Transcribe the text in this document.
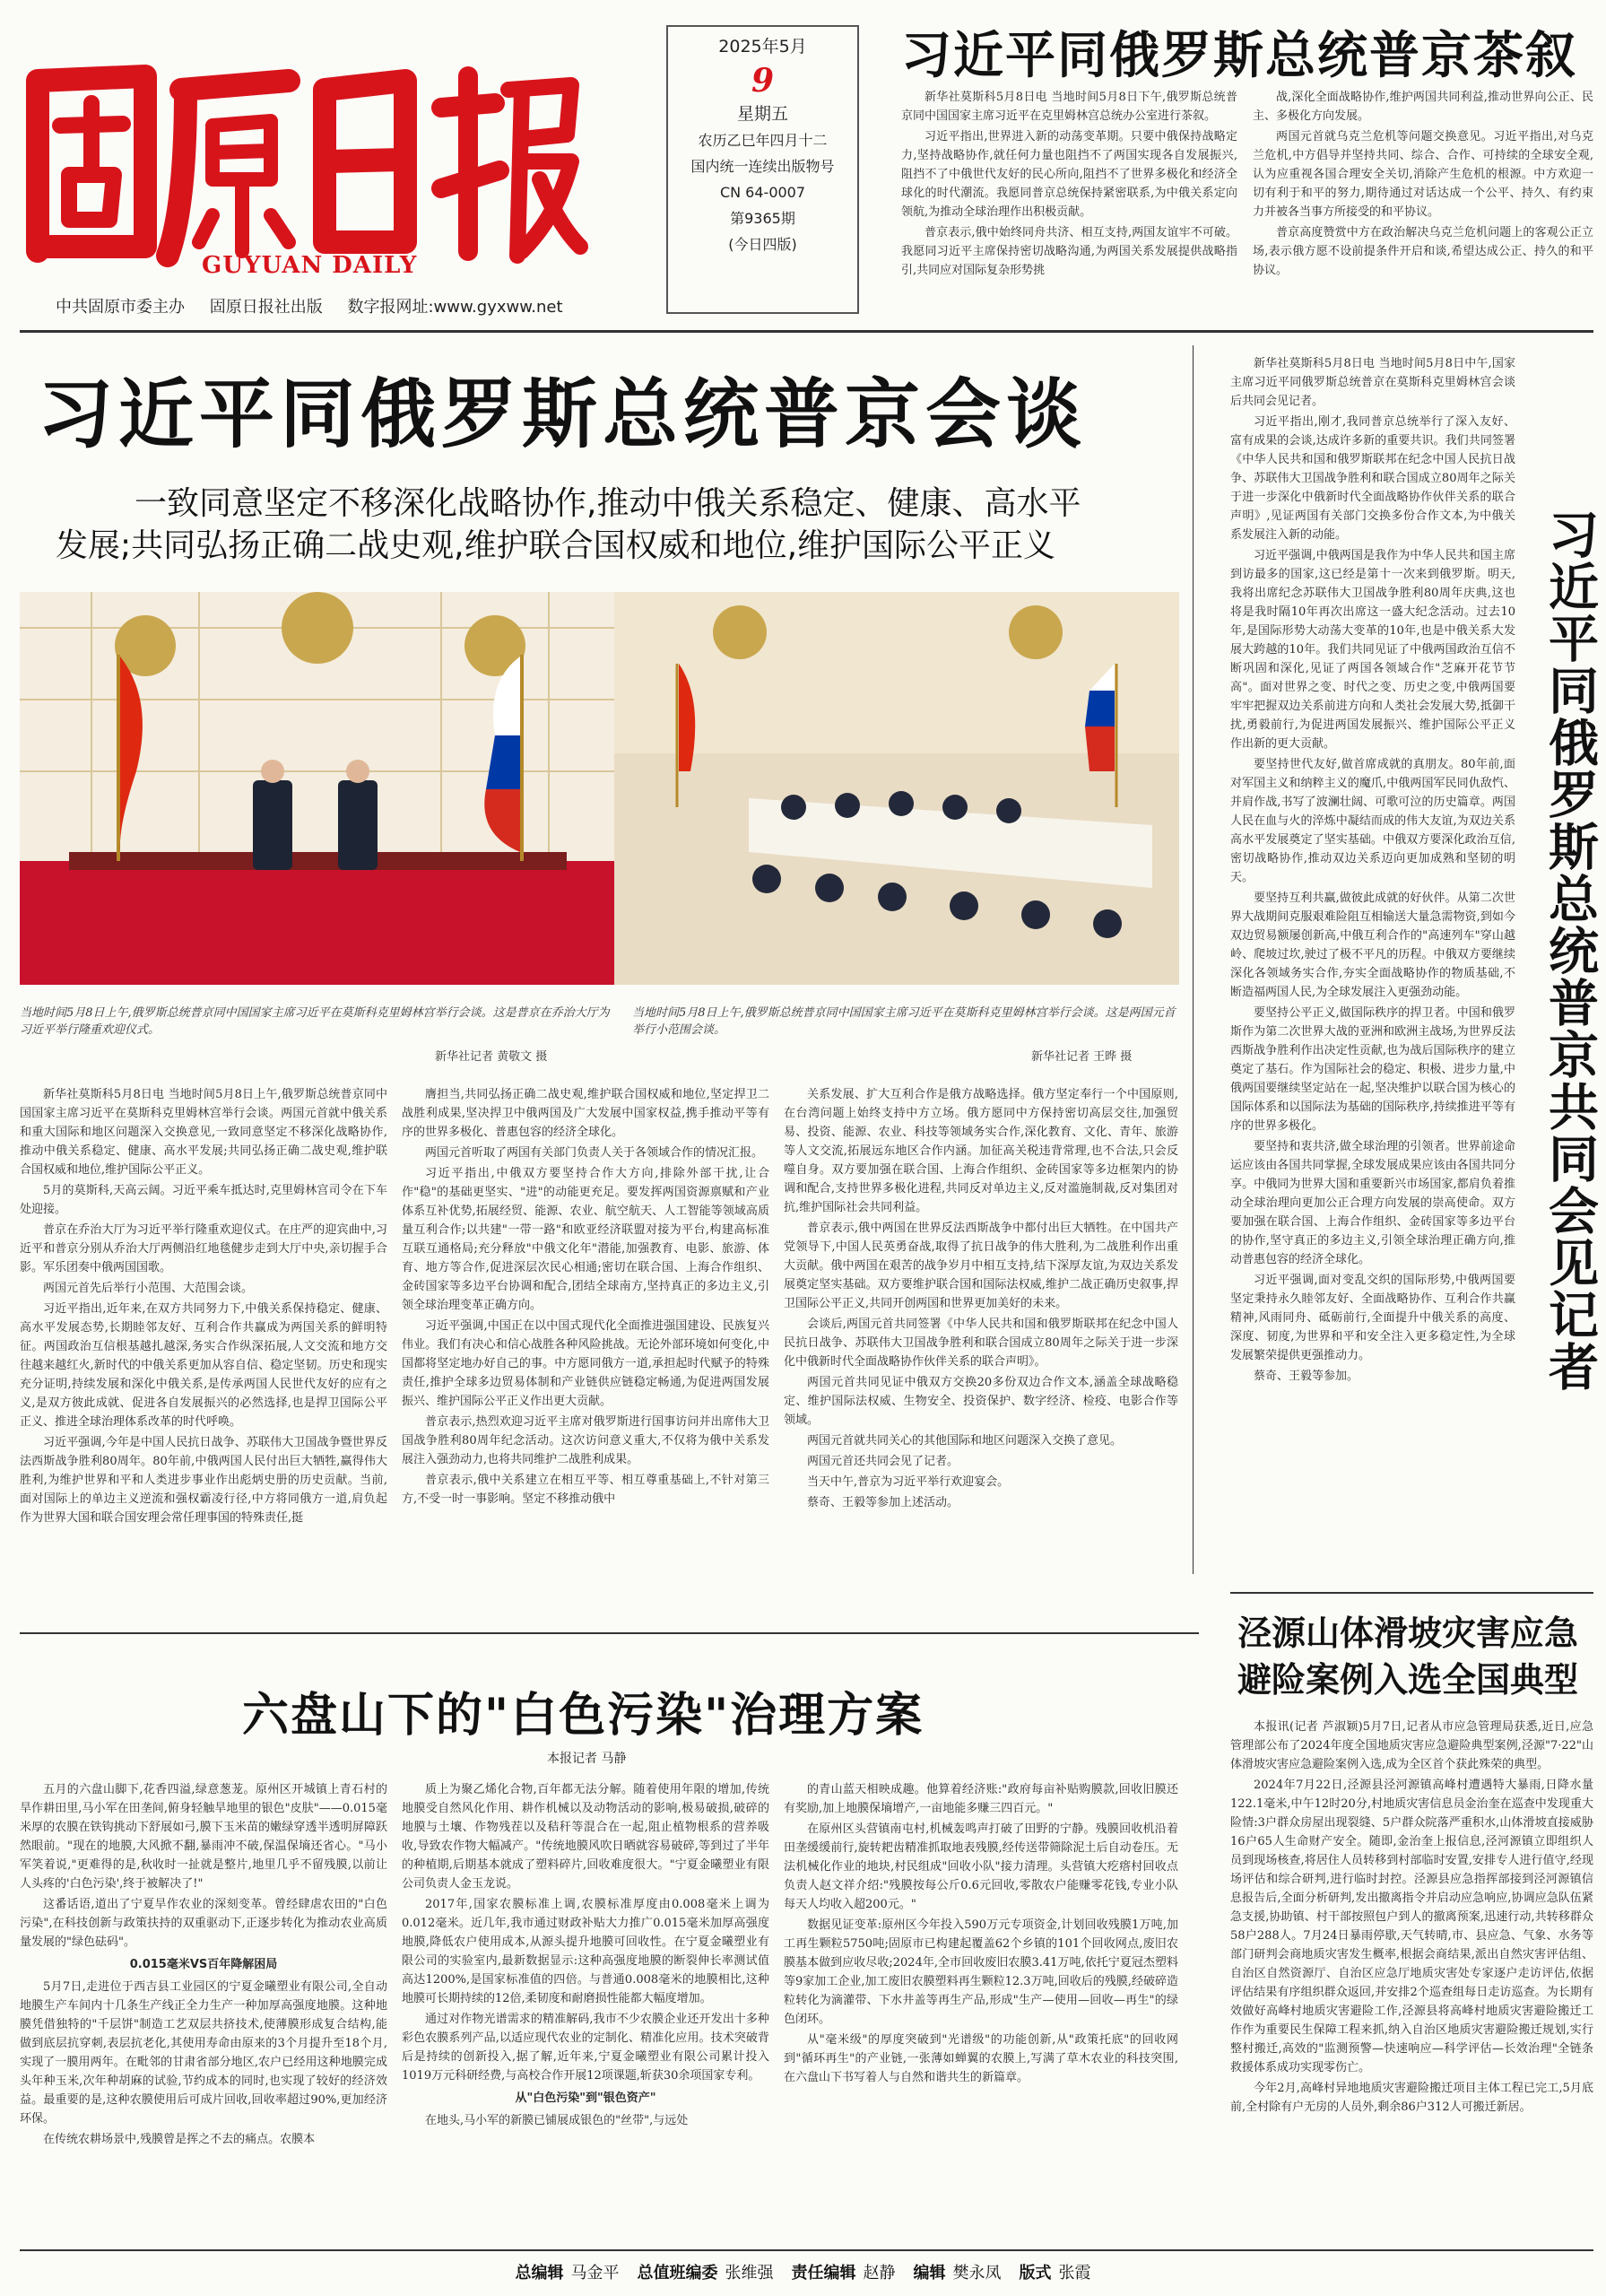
GUYUAN DAILY
中共固原市委主办 固原日报社出版 数字报网址:www.gyxww.net
2025年5月
9
星期五
农历乙巳年四月十二
国内统一连续出版物号
CN 64-0007
第9365期
(今日四版)
习近平同俄罗斯总统普京茶叙

新华社莫斯科5月8日电 当地时间5月8日下午,俄罗斯总统普京同中国国家主席习近平在克里姆林宫总统办公室进行茶叙。

习近平指出,世界进入新的动荡变革期。只要中俄保持战略定力,坚持战略协作,就任何力量也阻挡不了两国实现各自发展振兴,阻挡不了中俄世代友好的民心所向,阻挡不了世界多极化和经济全球化的时代潮流。我愿同普京总统保持紧密联系,为中俄关系定向领航,为推动全球治理作出积极贡献。

普京表示,俄中始终同舟共济、相互支持,两国友谊牢不可破。我愿同习近平主席保持密切战略沟通,为两国关系发展提供战略指引,共同应对国际复杂形势挑

战,深化全面战略协作,维护两国共同利益,推动世界向公正、民主、多极化方向发展。

两国元首就乌克兰危机等问题交换意见。习近平指出,对乌克兰危机,中方倡导并坚持共同、综合、合作、可持续的全球安全观,认为应重视各国合理安全关切,消除产生危机的根源。中方欢迎一切有利于和平的努力,期待通过对话达成一个公平、持久、有约束力并被各当事方所接受的和平协议。

普京高度赞赏中方在政治解决乌克兰危机问题上的客观公正立场,表示俄方愿不设前提条件开启和谈,希望达成公正、持久的和平协议。

习近平同俄罗斯总统普京会谈
一致同意坚定不移深化战略协作,推动中俄关系稳定、健康、高水平
发展;共同弘扬正确二战史观,维护联合国权威和地位,维护国际公平正义
当地时间5月8日上午,俄罗斯总统普京同中国国家主席习近平在莫斯科克里姆林宫举行会谈。这是普京在乔治大厅为习近平举行隆重欢迎仪式。
新华社记者 黄敬文 摄
当地时间5月8日上午,俄罗斯总统普京同中国国家主席习近平在莫斯科克里姆林宫举行会谈。这是两国元首举行小范围会谈。
新华社记者 王晔 摄

新华社莫斯科5月8日电 当地时间5月8日上午,俄罗斯总统普京同中国国家主席习近平在莫斯科克里姆林宫举行会谈。两国元首就中俄关系和重大国际和地区问题深入交换意见,一致同意坚定不移深化战略协作,推动中俄关系稳定、健康、高水平发展;共同弘扬正确二战史观,维护联合国权威和地位,维护国际公平正义。

5月的莫斯科,天高云阔。习近平乘车抵达时,克里姆林宫司令在下车处迎接。

普京在乔治大厅为习近平举行隆重欢迎仪式。在庄严的迎宾曲中,习近平和普京分别从乔治大厅两侧沿红地毯健步走到大厅中央,亲切握手合影。军乐团奏中俄两国国歌。

两国元首先后举行小范围、大范围会谈。

习近平指出,近年来,在双方共同努力下,中俄关系保持稳定、健康、高水平发展态势,长期睦邻友好、互利合作共赢成为两国关系的鲜明特征。两国政治互信根基越扎越深,务实合作纵深拓展,人文交流和地方交往越来越红火,新时代的中俄关系更加从容自信、稳定坚韧。历史和现实充分证明,持续发展和深化中俄关系,是传承两国人民世代友好的应有之义,是双方彼此成就、促进各自发展振兴的必然选择,也是捍卫国际公平正义、推进全球治理体系改革的时代呼唤。

习近平强调,今年是中国人民抗日战争、苏联伟大卫国战争暨世界反法西斯战争胜利80周年。80年前,中俄两国人民付出巨大牺牲,赢得伟大胜利,为维护世界和平和人类进步事业作出彪炳史册的历史贡献。当前,面对国际上的单边主义逆流和强权霸凌行径,中方将同俄方一道,肩负起作为世界大国和联合国安理会常任理事国的特殊责任,挺

膺担当,共同弘扬正确二战史观,维护联合国权威和地位,坚定捍卫二战胜利成果,坚决捍卫中俄两国及广大发展中国家权益,携手推动平等有序的世界多极化、普惠包容的经济全球化。

两国元首听取了两国有关部门负责人关于各领域合作的情况汇报。

习近平指出,中俄双方要坚持合作大方向,排除外部干扰,让合作"稳"的基础更坚实、"进"的动能更充足。要发挥两国资源禀赋和产业体系互补优势,拓展经贸、能源、农业、航空航天、人工智能等领域高质量互利合作;以共建"一带一路"和欧亚经济联盟对接为平台,构建高标准互联互通格局;充分释放"中俄文化年"潜能,加强教育、电影、旅游、体育、地方等合作,促进深层次民心相通;密切在联合国、上海合作组织、金砖国家等多边平台协调和配合,团结全球南方,坚持真正的多边主义,引领全球治理变革正确方向。

习近平强调,中国正在以中国式现代化全面推进强国建设、民族复兴伟业。我们有决心和信心战胜各种风险挑战。无论外部环境如何变化,中国都将坚定地办好自己的事。中方愿同俄方一道,承担起时代赋予的特殊责任,推护全球多边贸易体制和产业链供应链稳定畅通,为促进两国发展振兴、维护国际公平正义作出更大贡献。

普京表示,热烈欢迎习近平主席对俄罗斯进行国事访问并出席伟大卫国战争胜利80周年纪念活动。这次访问意义重大,不仅将为俄中关系发展注入强劲动力,也将共同维护二战胜利成果。

普京表示,俄中关系建立在相互平等、相互尊重基础上,不针对第三方,不受一时一事影响。坚定不移推动俄中

关系发展、扩大互利合作是俄方战略选择。俄方坚定奉行一个中国原则,在台湾问题上始终支持中方立场。俄方愿同中方保持密切高层交往,加强贸易、投资、能源、农业、科技等领域务实合作,深化教育、文化、青年、旅游等人文交流,拓展远东地区合作内涵。加征高关税违背常理,也不合法,只会反噬自身。双方要加强在联合国、上海合作组织、金砖国家等多边框架内的协调和配合,支持世界多极化进程,共同反对单边主义,反对滥施制裁,反对集团对抗,维护国际社会共同利益。

普京表示,俄中两国在世界反法西斯战争中都付出巨大牺牲。在中国共产党领导下,中国人民英勇奋战,取得了抗日战争的伟大胜利,为二战胜利作出重大贡献。俄中两国在艰苦的战争岁月中相互支持,结下深厚友谊,为双边关系发展奠定坚实基础。双方要维护联合国和国际法权威,维护二战正确历史叙事,捍卫国际公平正义,共同开创两国和世界更加美好的未来。

会谈后,两国元首共同签署《中华人民共和国和俄罗斯联邦在纪念中国人民抗日战争、苏联伟大卫国战争胜利和联合国成立80周年之际关于进一步深化中俄新时代全面战略协作伙伴关系的联合声明》。

两国元首共同见证中俄双方交换20多份双边合作文本,涵盖全球战略稳定、维护国际法权威、生物安全、投资保护、数字经济、检疫、电影合作等领域。

两国元首就共同关心的其他国际和地区问题深入交换了意见。

两国元首还共同会见了记者。

当天中午,普京为习近平举行欢迎宴会。

蔡奇、王毅等参加上述活动。

新华社莫斯科5月8日电 当地时间5月8日中午,国家主席习近平同俄罗斯总统普京在莫斯科克里姆林宫会谈后共同会见记者。

习近平指出,刚才,我同普京总统举行了深入友好、富有成果的会谈,达成许多新的重要共识。我们共同签署《中华人民共和国和俄罗斯联邦在纪念中国人民抗日战争、苏联伟大卫国战争胜利和联合国成立80周年之际关于进一步深化中俄新时代全面战略协作伙伴关系的联合声明》,见证两国有关部门交换多份合作文本,为中俄关系发展注入新的动能。

习近平强调,中俄两国是我作为中华人民共和国主席到访最多的国家,这已经是第十一次来到俄罗斯。明天,我将出席纪念苏联伟大卫国战争胜利80周年庆典,这也将是我时隔10年再次出席这一盛大纪念活动。过去10年,是国际形势大动荡大变革的10年,也是中俄关系大发展大跨越的10年。我们共同见证了中俄两国政治互信不断巩固和深化,见证了两国各领域合作"芝麻开花节节高"。面对世界之变、时代之变、历史之变,中俄两国要牢牢把握双边关系前进方向和人类社会发展大势,抵御干扰,勇毅前行,为促进两国发展振兴、维护国际公平正义作出新的更大贡献。

要坚持世代友好,做首席成就的真朋友。80年前,面对军国主义和纳粹主义的魔爪,中俄两国军民同仇敌忾、并肩作战,书写了波澜壮阔、可歌可泣的历史篇章。两国人民在血与火的淬炼中凝结而成的伟大友谊,为双边关系高水平发展奠定了坚实基础。中俄双方要深化政治互信,密切战略协作,推动双边关系迈向更加成熟和坚韧的明天。

要坚持互利共赢,做彼此成就的好伙伴。从第二次世界大战期间克服艰难险阻互相输送大量急需物资,到如今双边贸易额屡创新高,中俄互利合作的"高速列车"穿山越岭、爬坡过坎,驶过了极不平凡的历程。中俄双方要继续深化各领域务实合作,夯实全面战略协作的物质基础,不断造福两国人民,为全球发展注入更强劲动能。

要坚持公平正义,做国际秩序的捍卫者。中国和俄罗斯作为第二次世界大战的亚洲和欧洲主战场,为世界反法西斯战争胜利作出决定性贡献,也为战后国际秩序的建立奠定了基石。作为国际社会的稳定、积极、进步力量,中俄两国要继续坚定站在一起,坚决维护以联合国为核心的国际体系和以国际法为基础的国际秩序,持续推进平等有序的世界多极化。

要坚持和衷共济,做全球治理的引领者。世界前途命运应该由各国共同掌握,全球发展成果应该由各国共同分享。中俄同为世界大国和重要新兴市场国家,都肩负着推动全球治理向更加公正合理方向发展的崇高使命。双方要加强在联合国、上海合作组织、金砖国家等多边平台的协作,坚守真正的多边主义,引领全球治理正确方向,推动普惠包容的经济全球化。

习近平强调,面对变乱交织的国际形势,中俄两国要坚定秉持永久睦邻友好、全面战略协作、互利合作共赢精神,风雨同舟、砥砺前行,全面提升中俄关系的高度、深度、韧度,为世界和平和安全注入更多稳定性,为全球发展繁荣提供更强推动力。

蔡奇、王毅等参加。	习近平同俄罗斯总统普京共同会见记者
六盘山下的"白色污染"治理方案
本报记者 马静

五月的六盘山脚下,花香四溢,绿意葱茏。原州区开城镇上青石村的旱作耕田里,马小军在田垄间,俯身轻触旱地里的银色"皮肤"——0.015毫米厚的农膜在铁钩挑动下舒展如弓,膜下玉米苗的嫩绿穿透半透明屏障跃然眼前。"现在的地膜,大风掀不翻,暴雨冲不破,保温保墒还省心。"马小军笑着说,"更难得的是,秋收时一扯就是整片,地里几乎不留残膜,以前让人头疼的'白色污染',终于被解决了!"

这番话语,道出了宁夏旱作农业的深刻变革。曾经肆虐农田的"白色污染",在科技创新与政策扶持的双重驱动下,正逐步转化为推动农业高质量发展的"绿色砝码"。

0.015毫米VS百年降解困局

5月7日,走进位于西吉县工业园区的宁夏金曦塑业有限公司,全自动地膜生产车间内十几条生产线正全力生产一种加厚高强度地膜。这种地膜凭借独特的"千层饼"制造工艺双层共挤技术,使薄膜形成复合结构,能做到底层抗穿刺,表层抗老化,其使用寿命由原来的3个月提升至18个月,实现了一膜用两年。在毗邻的甘肃省部分地区,农户已经用这种地膜完成头年种玉米,次年种胡麻的试验,节约成本的同时,也实现了较好的经济效益。最重要的是,这种农膜使用后可成片回收,回收率超过90%,更加经济环保。

在传统农耕场景中,残膜曾是挥之不去的痛点。农膜本

质上为聚乙烯化合物,百年都无法分解。随着使用年限的增加,传统地膜受自然风化作用、耕作机械以及动物活动的影响,极易破损,破碎的地膜与土壤、作物残茬以及秸秆等混合在一起,阻止植物根系的营养吸收,导致农作物大幅减产。"传统地膜风吹日晒就容易破碎,等到过了半年的种植期,后期基本就成了塑料碎片,回收难度很大。"宁夏金曦塑业有限公司负责人金玉龙说。

2017年,国家农膜标准上调,农膜标准厚度由0.008毫米上调为0.012毫米。近几年,我市通过财政补贴大力推广0.015毫米加厚高强度地膜,降低农户使用成本,从源头提升地膜可回收性。在宁夏金曦塑业有限公司的实验室内,最新数据显示:这种高强度地膜的断裂伸长率测试值高达1200%,是国家标准值的四倍。与普通0.008毫米的地膜相比,这种地膜可长期持续的12倍,柔韧度和耐磨损性能都大幅度增加。

通过对作物光谱需求的精准解码,我市不少农膜企业还开发出十多种彩色农膜系列产品,以适应现代农业的定制化、精准化应用。技术突破背后是持续的创新投入,据了解,近年来,宁夏金曦塑业有限公司累计投入1019万元科研经费,与高校合作开展12项课题,斩获30余项国家专利。

从"白色污染"到"银色资产"

在地头,马小军的新膜已铺展成银色的"丝带",与远处

的青山蓝天相映成趣。他算着经济账:"政府每亩补贴购膜款,回收旧膜还有奖励,加上地膜保墒增产,一亩地能多赚三四百元。"

在原州区头营镇南屯村,机械轰鸣声打破了田野的宁静。残膜回收机沿着田垄缓缓前行,旋转耙齿精准抓取地表残膜,经传送带筛除泥土后自动卷压。无法机械化作业的地块,村民组成"回收小队"接力清理。头营镇大疙瘩村回收点负责人赵文祥介绍:"残膜按每公斤0.6元回收,零散农户能赚零花钱,专业小队每天人均收入超200元。"

数据见证变革:原州区今年投入590万元专项资金,计划回收残膜1万吨,加工再生颗粒5750吨;固原市已构建起覆盖62个乡镇的101个回收网点,废旧农膜基本做到应收尽收;2024年,全市回收废旧农膜3.41万吨,依托宁夏冠杰塑料等9家加工企业,加工废旧农膜塑料再生颗粒12.3万吨,回收后的残膜,经破碎造粒转化为滴灌带、下水井盖等再生产品,形成"生产—使用—回收—再生"的绿色闭环。

从"毫米级"的厚度突破到"光谱级"的功能创新,从"政策托底"的回收网到"循环再生"的产业链,一张薄如蝉翼的农膜上,写满了草木农业的科技突围,在六盘山下书写着人与自然和谐共生的新篇章。

泾源山体滑坡灾害应急
避险案例入选全国典型

本报讯(记者 芦淑颖)5月7日,记者从市应急管理局获悉,近日,应急管理部公布了2024年度全国地质灾害应急避险典型案例,泾源"7·22"山体滑坡灾害应急避险案例入选,成为全区首个获此殊荣的典型。

2024年7月22日,泾源县泾河源镇高峰村遭遇特大暴雨,日降水量122.1毫米,中午12时20分,村地质灾害信息员金治奎在巡查中发现重大险情:3户群众房屋出现裂缝、5户群众院落严重积水,山体滑坡直接威胁16户65人生命财产安全。随即,金治奎上报信息,泾河源镇立即组织人员到现场核查,将居住人员转移到村部临时安置,安排专人进行值守,经现场评估和综合研判,进行临时封控。泾源县应急指挥部接到泾河源镇信息报告后,全面分析研判,发出撤离指令并启动应急响应,协调应急队伍紧急支援,协助镇、村干部按照包户到人的撤离预案,迅速行动,共转移群众58户288人。7月24日暴雨停歇,天气转晴,市、县应急、气象、水务等部门研判会商地质灾害发生概率,根据会商结果,派出自然灾害评估组、自治区自然资源厅、自治区应急厅地质灾害处专家逐户走访评估,依据评估结果有序组织群众返回,并安排2个巡查组每日走访巡查。为长期有效做好高峰村地质灾害避险工作,泾源县将高峰村地质灾害避险搬迁工作作为重要民生保障工程来抓,纳入自治区地质灾害避险搬迁规划,实行整村搬迁,高效的"监测预警—快速响应—科学评估—长效治理"全链条救援体系成功实现零伤亡。

今年2月,高峰村异地地质灾害避险搬迁项目主体工程已完工,5月底前,全村除有户无房的人员外,剩余86户312人可搬迁新居。

总编辑 马金平 总值班编委 张维强 责任编辑 赵静 编辑 樊永凤 版式 张霞
